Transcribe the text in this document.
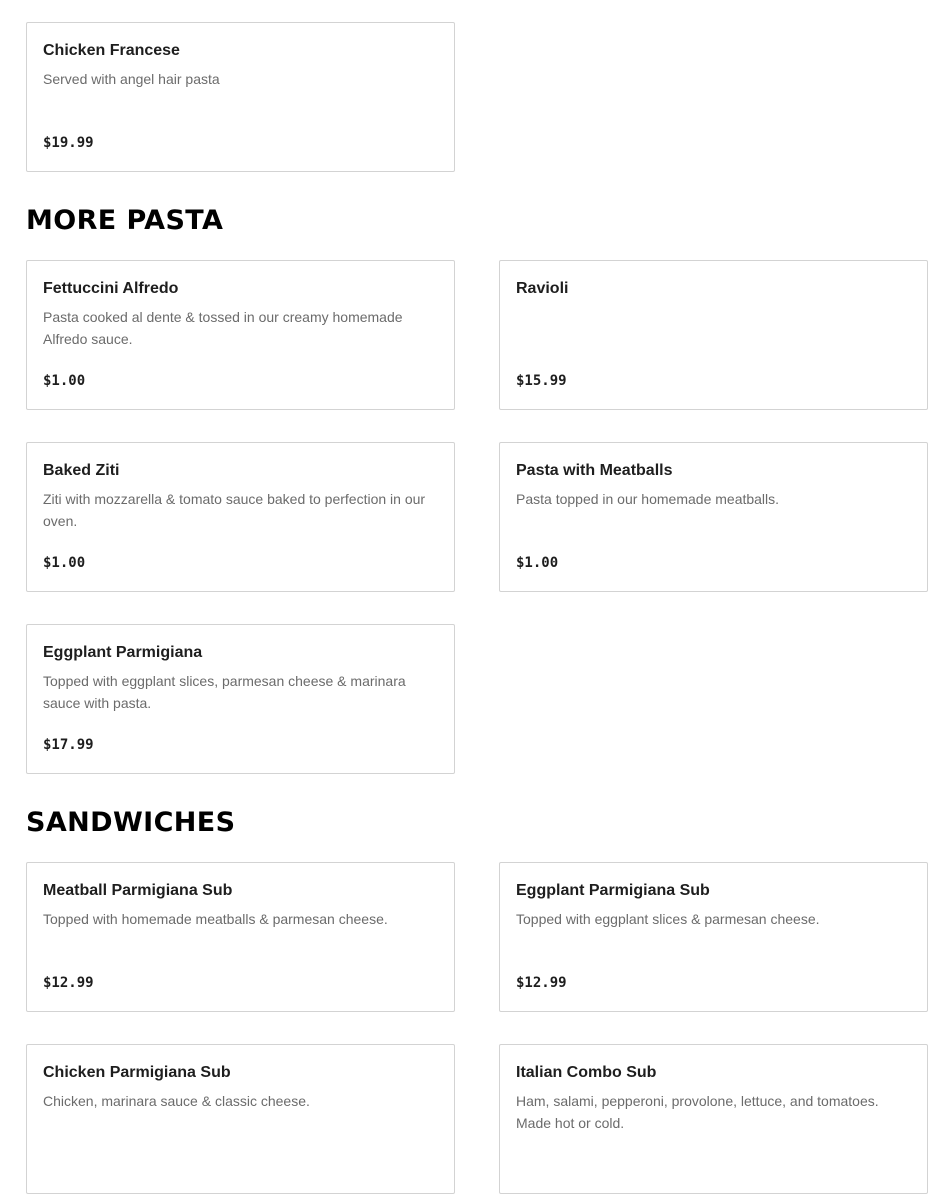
Chicken Francese
Served with angel hair pasta
$19.99
MORE PASTA
Fettuccini Alfredo
Pasta cooked al dente & tossed in our creamy homemade Alfredo sauce.
$1.00
Ravioli
$15.99
Baked Ziti
Ziti with mozzarella & tomato sauce baked to perfection in our oven.
$1.00
Pasta with Meatballs
Pasta topped in our homemade meatballs.
$1.00
Eggplant Parmigiana
Topped with eggplant slices, parmesan cheese & marinara sauce with pasta.
$17.99
SANDWICHES
Meatball Parmigiana Sub
Topped with homemade meatballs & parmesan cheese.
$12.99
Eggplant Parmigiana Sub
Topped with eggplant slices & parmesan cheese.
$12.99
Chicken Parmigiana Sub
Chicken, marinara sauce & classic cheese.
Italian Combo Sub
Ham, salami, pepperoni, provolone, lettuce, and tomatoes. Made hot or cold.
